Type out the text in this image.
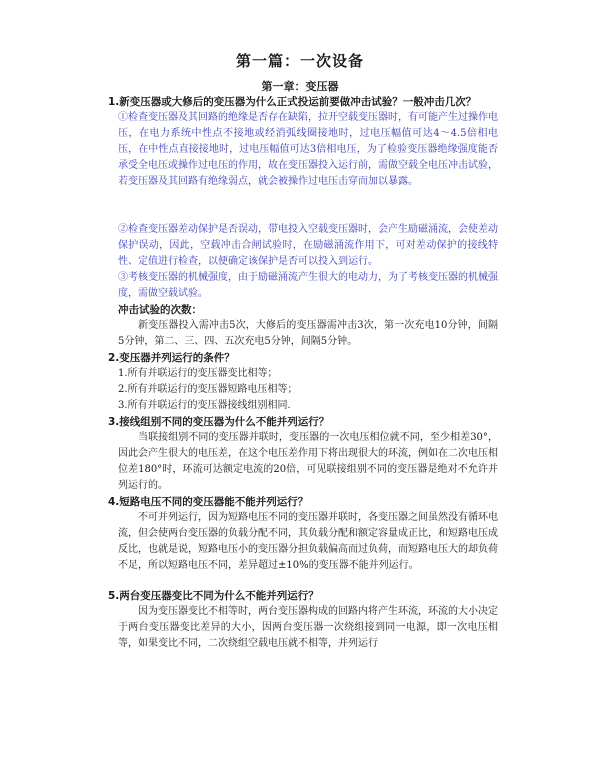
第一篇：一次设备
第一章：变压器
1.新变压器或大修后的变压器为什么正式投运前要做冲击试验？一般冲击几次？
①检查变压器及其回路的绝缘是否存在缺陷，拉开空载变压器时，有可能产生过操作电压，在电力系统中性点不接地或经消弧线圈接地时，过电压幅值可达4～4.5倍相电压，在中性点直接接地时，过电压幅值可达3倍相电压，为了检验变压器绝缘强度能否承受全电压或操作过电压的作用，故在变压器投入运行前，需做空载全电压冲击试验，若变压器及其回路有绝缘弱点，就会被操作过电压击穿而加以暴露。
②检查变压器差动保护是否误动，带电投入空载变压器时，会产生励磁涌流，会使差动保护误动，因此，空载冲击合闸试验时，在励磁涌流作用下，可对差动保护的接线特性、定值进行检查，以便确定该保护是否可以投入到运行。
③考核变压器的机械强度，由于励磁涌流产生很大的电动力，为了考核变压器的机械强度，需做空载试验。
冲击试验的次数：
新变压器投入需冲击5次，大修后的变压器需冲击3次，第一次充电10分钟，间隔5分钟，第二、三、四、五次充电5分钟，间隔5分钟。
2.变压器并列运行的条件？
1.所有并联运行的变压器变比相等；
2.所有并联运行的变压器短路电压相等；
3.所有并联运行的变压器接线组别相同.
3.接线组别不同的变压器为什么不能并列运行？
当联接组别不同的变压器并联时，变压器的一次电压相位就不同，至少相差30°，因此会产生很大的电压差，在这个电压差作用下将出现很大的环流，例如在二次电压相位差180°时，环流可达额定电流的20倍，可见联接组别不同的变压器是绝对不允许并列运行的。
4.短路电压不同的变压器能不能并列运行？
不可并列运行，因为短路电压不同的变压器并联时，各变压器之间虽然没有循环电流，但会使两台变压器的负载分配不同，其负载分配和额定容量成正比，和短路电压成反比，也就是说，短路电压小的变压器分担负载偏高而过负荷，而短路电压大的却负荷不足，所以短路电压不同，差异超过±10%的变压器不能并列运行。
5.两台变压器变比不同为什么不能并列运行？
因为变压器变比不相等时，两台变压器构成的回路内将产生环流，环流的大小决定于两台变压器变比差异的大小，因两台变压器一次绕组接到同一电源，即一次电压相等，如果变比不同，二次绕组空载电压就不相等，并列运行
